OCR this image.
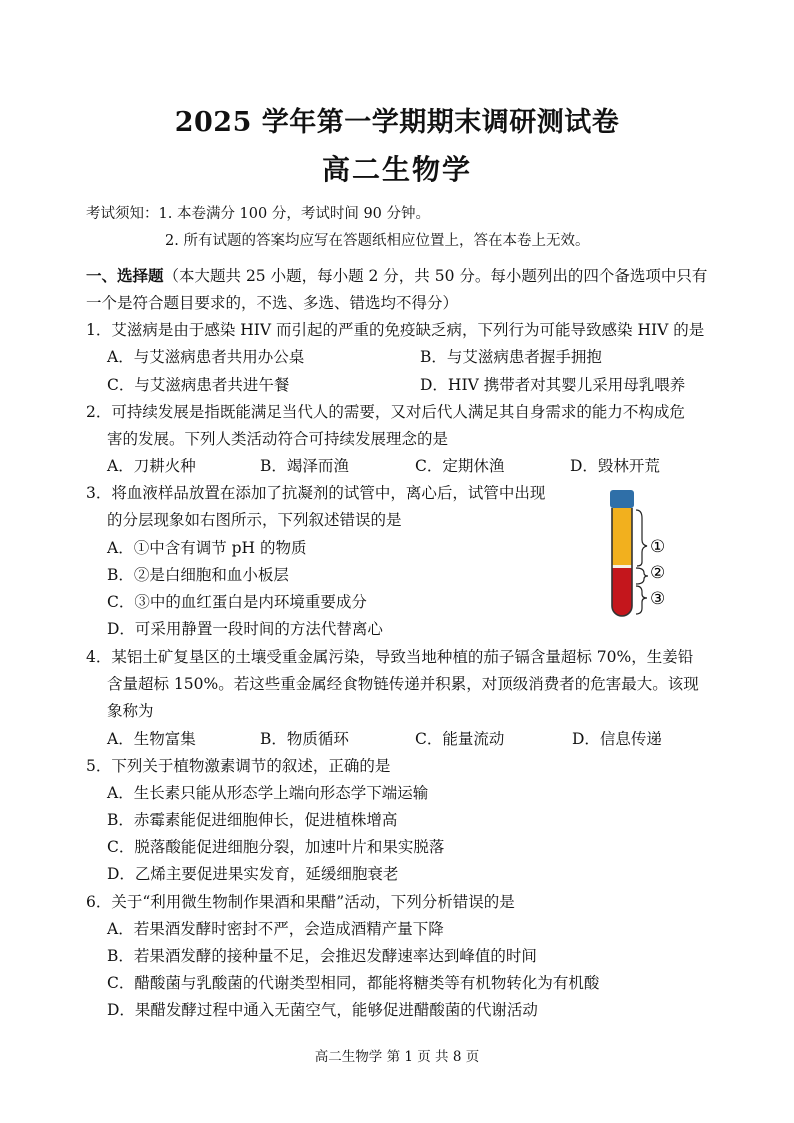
2025 学年第一学期期末调研测试卷
高二生物学
考试须知：1. 本卷满分 100 分，考试时间 90 分钟。
2. 所有试题的答案均应写在答题纸相应位置上，答在本卷上无效。
一、选择题（本大题共 25 小题，每小题 2 分，共 50 分。每小题列出的四个备选项中只有
一个是符合题目要求的，不选、多选、错选均不得分）
1．艾滋病是由于感染 HIV 而引起的严重的免疫缺乏病，下列行为可能导致感染 HIV 的是
A．与艾滋病患者共用办公桌	B．与艾滋病患者握手拥抱
C．与艾滋病患者共进午餐	D．HIV 携带者对其婴儿采用母乳喂养
2．可持续发展是指既能满足当代人的需要，又对后代人满足其自身需求的能力不构成危
害的发展。下列人类活动符合可持续发展理念的是
A．刀耕火种	B．竭泽而渔	C．定期休渔	D．毁林开荒
3．将血液样品放置在添加了抗凝剂的试管中，离心后，试管中出现
的分层现象如右图所示，下列叙述错误的是
A．①中含有调节 pH 的物质
B．②是白细胞和血小板层
C．③中的血红蛋白是内环境重要成分
D．可采用静置一段时间的方法代替离心
①
②
③
4．某铝土矿复垦区的土壤受重金属污染，导致当地种植的茄子镉含量超标 70%，生姜铅
含量超标 150%。若这些重金属经食物链传递并积累，对顶级消费者的危害最大。该现
象称为
A．生物富集	B．物质循环	C．能量流动	D．信息传递
5．下列关于植物激素调节的叙述，正确的是
A．生长素只能从形态学上端向形态学下端运输
B．赤霉素能促进细胞伸长，促进植株增高
C．脱落酸能促进细胞分裂，加速叶片和果实脱落
D．乙烯主要促进果实发育，延缓细胞衰老
6．关于“利用微生物制作果酒和果醋”活动，下列分析错误的是
A．若果酒发酵时密封不严，会造成酒精产量下降
B．若果酒发酵的接种量不足，会推迟发酵速率达到峰值的时间
C．醋酸菌与乳酸菌的代谢类型相同，都能将糖类等有机物转化为有机酸
D．果醋发酵过程中通入无菌空气，能够促进醋酸菌的代谢活动
高二生物学 第 1 页 共 8 页
